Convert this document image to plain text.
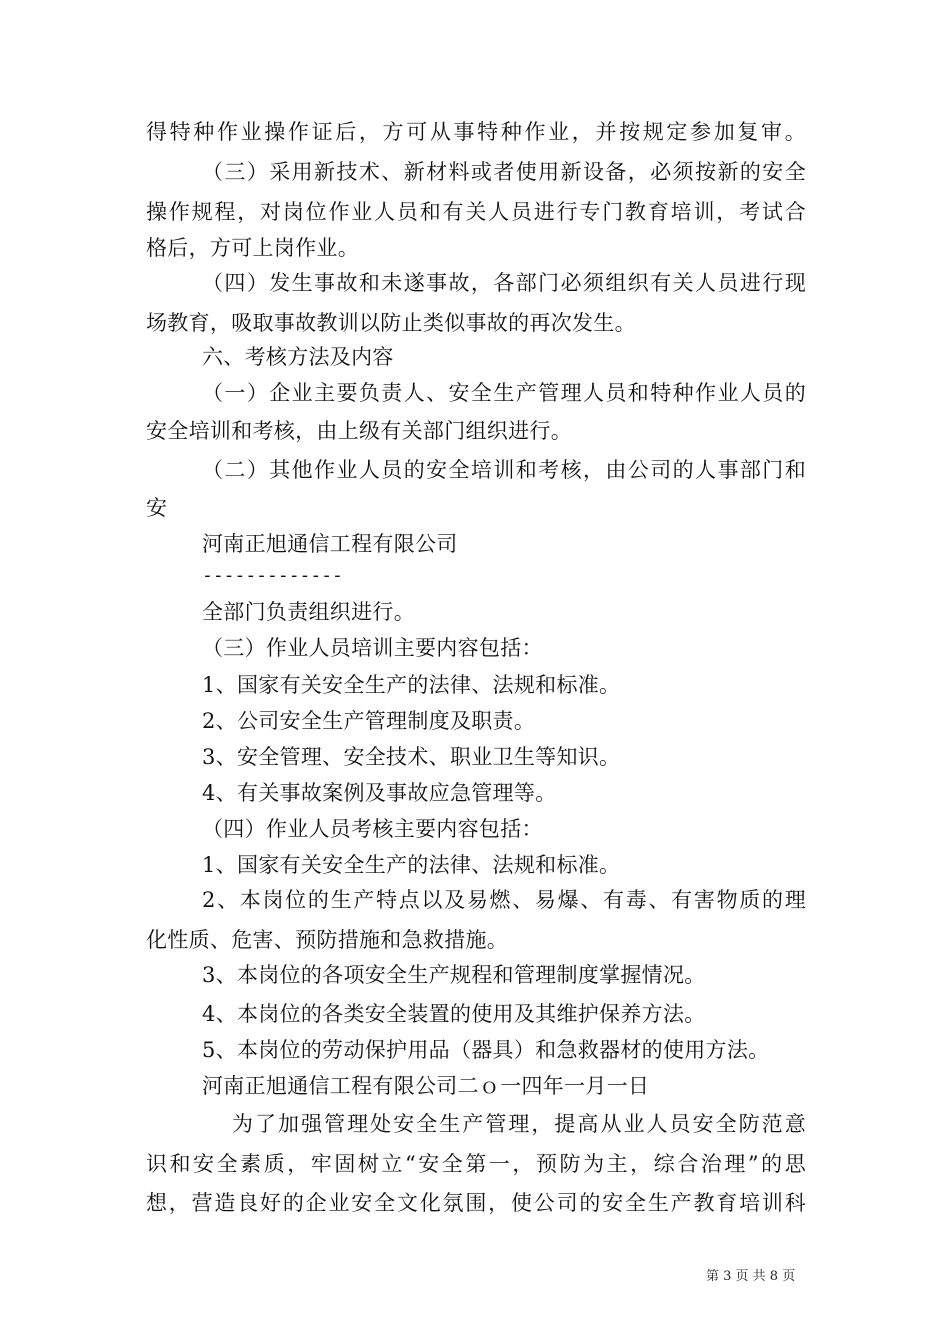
得特种作业操作证后，方可从事特种作业，并按规定参加复审。
（三）采用新技术、新材料或者使用新设备，必须按新的安全
操作规程，对岗位作业人员和有关人员进行专门教育培训，考试合
格后，方可上岗作业。
（四）发生事故和未遂事故，各部门必须组织有关人员进行现
场教育，吸取事故教训以防止类似事故的再次发生。
六、考核方法及内容
（一）企业主要负责人、安全生产管理人员和特种作业人员的
安全培训和考核，由上级有关部门组织进行。
（二）其他作业人员的安全培训和考核，由公司的人事部门和
安
河南正旭通信工程有限公司
-------------
全部门负责组织进行。
（三）作业人员培训主要内容包括：
1、国家有关安全生产的法律、法规和标准。
2、公司安全生产管理制度及职责。
3、安全管理、安全技术、职业卫生等知识。
4、有关事故案例及事故应急管理等。
（四）作业人员考核主要内容包括：
1、国家有关安全生产的法律、法规和标准。
2、本岗位的生产特点以及易燃、易爆、有毒、有害物质的理
化性质、危害、预防措施和急救措施。
3、本岗位的各项安全生产规程和管理制度掌握情况。
4、本岗位的各类安全装置的使用及其维护保养方法。
5、本岗位的劳动保护用品（器具）和急救器材的使用方法。
河南正旭通信工程有限公司二ｏ一四年一月一日
为了加强管理处安全生产管理，提高从业人员安全防范意
识和安全素质，牢固树立“安全第一，预防为主，综合治理”的思
想，营造良好的企业安全文化氛围，使公司的安全生产教育培训科
第 3 页 共 8 页
